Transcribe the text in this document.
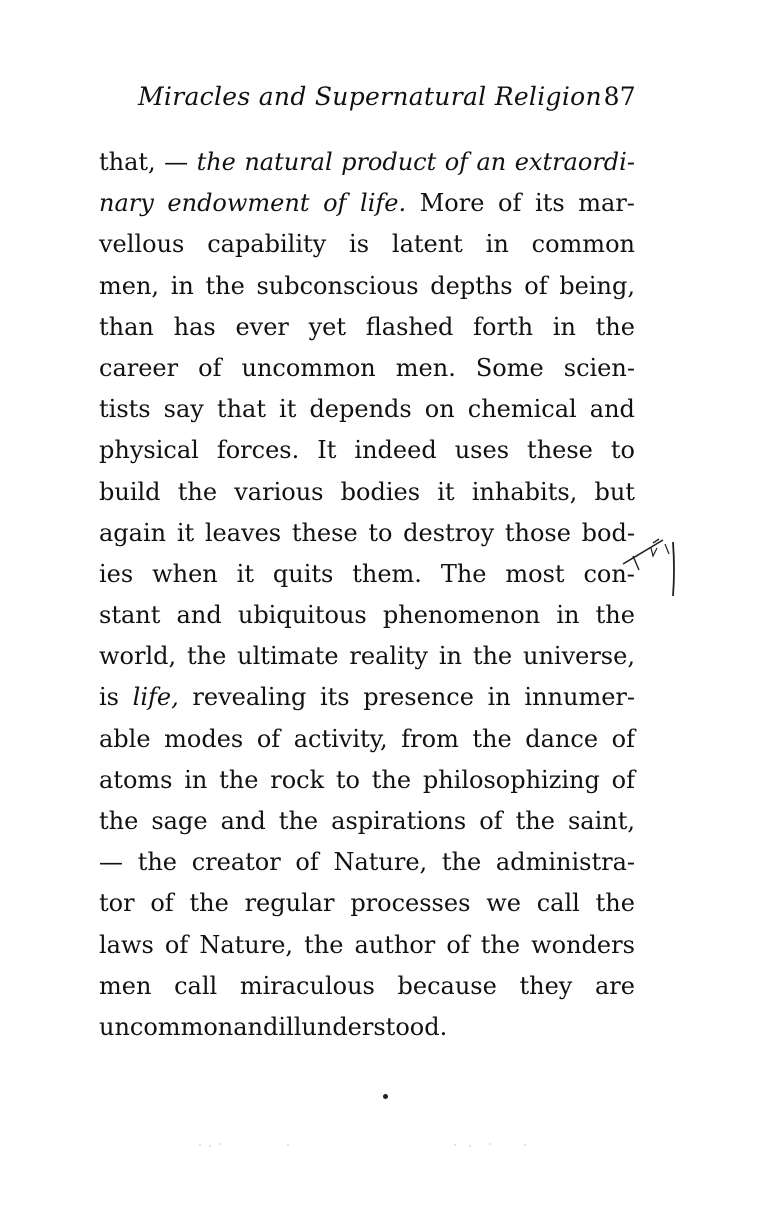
Miracles and Supernatural Religion 87
that, — the natural product of an extraordi-
nary endowment of life. More of its mar-
vellous capability is latent in common
men, in the subconscious depths of being,
than has ever yet flashed forth in the
career of uncommon men. Some scien-
tists say that it depends on chemical and
physical forces. It indeed uses these to
build the various bodies it inhabits, but
again it leaves these to destroy those bod-
ies when it quits them. The most con-
stant and ubiquitous phenomenon in the
world, the ultimate reality in the universe,
is life, revealing its presence in innumer-
able modes of activity, from the dance of
atoms in the rock to the philosophizing of
the sage and the aspirations of the saint,
— the creator of Nature, the administra-
tor of the regular processes we call the
laws of Nature, the author of the wonders
men call miraculous because they are
uncommon and ill understood.
